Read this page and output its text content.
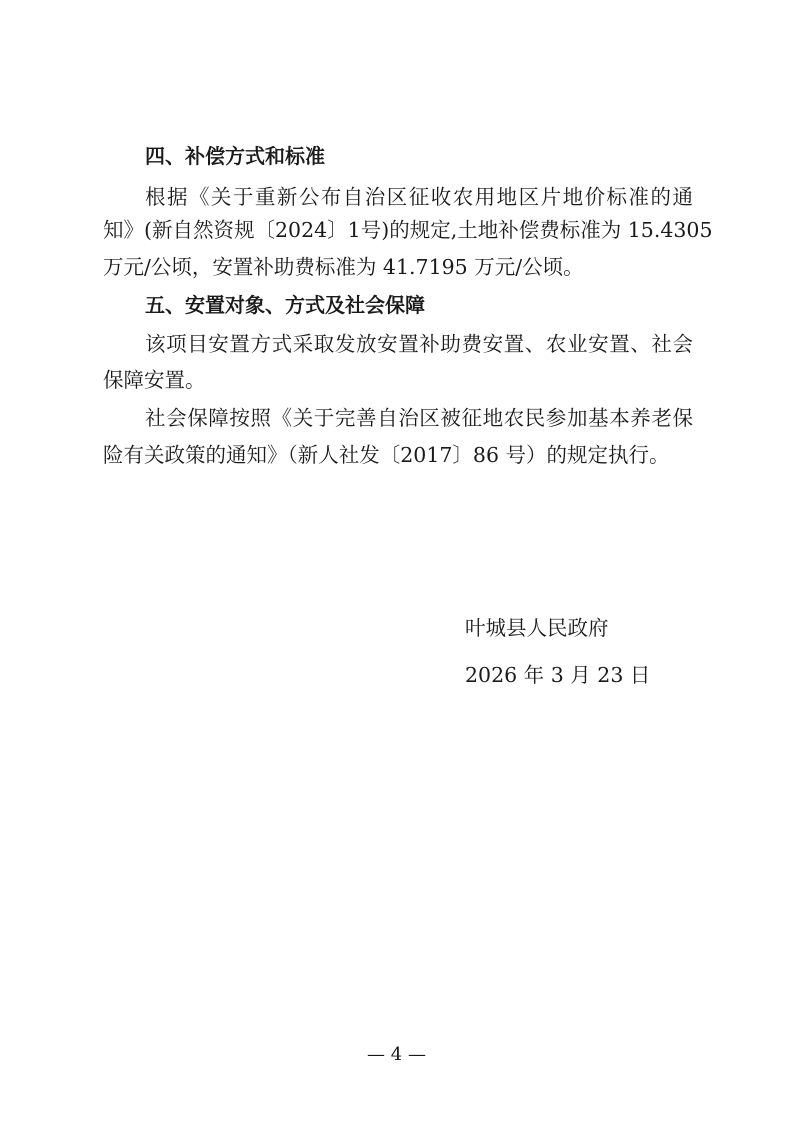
四、补偿方式和标准
根据《关于重新公布自治区征收农用地区片地价标准的通
知》(新自然资规〔2024〕1号)的规定,土地补偿费标准为 15.4305
万元/公顷，安置补助费标准为 41.7195 万元/公顷。
五、安置对象、方式及社会保障
该项目安置方式采取发放安置补助费安置、农业安置、社会
保障安置。
社会保障按照《关于完善自治区被征地农民参加基本养老保
险有关政策的通知》（新人社发〔2017〕86 号）的规定执行。
叶城县人民政府
2026 年 3 月 23 日
— 4 —
